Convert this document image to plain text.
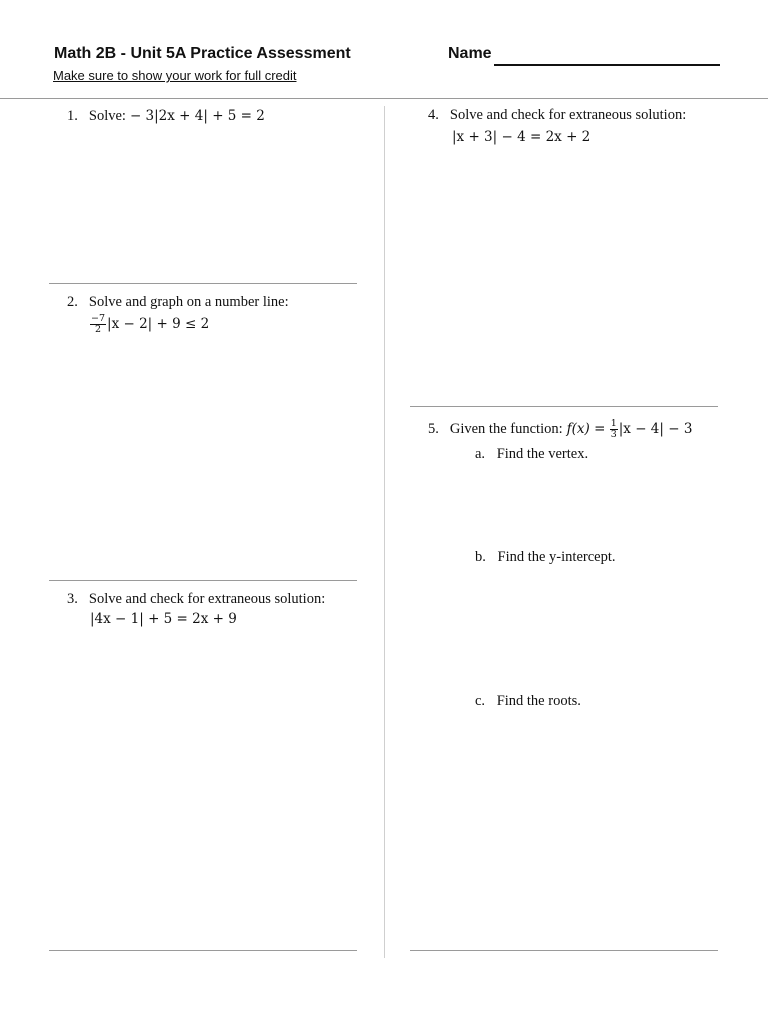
Math 2B - Unit 5A Practice Assessment
Make sure to show your work for full credit
Name
1. Solve: − 3|2x + 4| + 5 = 2
2. Solve and graph on a number line:
$\frac{-7}{2} |x - 2| + 9 \le 2$
3. Solve and check for extraneous solution:
|4x − 1| + 5 = 2x + 9
4. Solve and check for extraneous solution:
|x + 3| − 4 = 2x + 2
5. Given the function: $f(x) = \frac{1}{3} |x - 4| - 3$
a. Find the vertex.
b. Find the y-intercept.
c. Find the roots.
